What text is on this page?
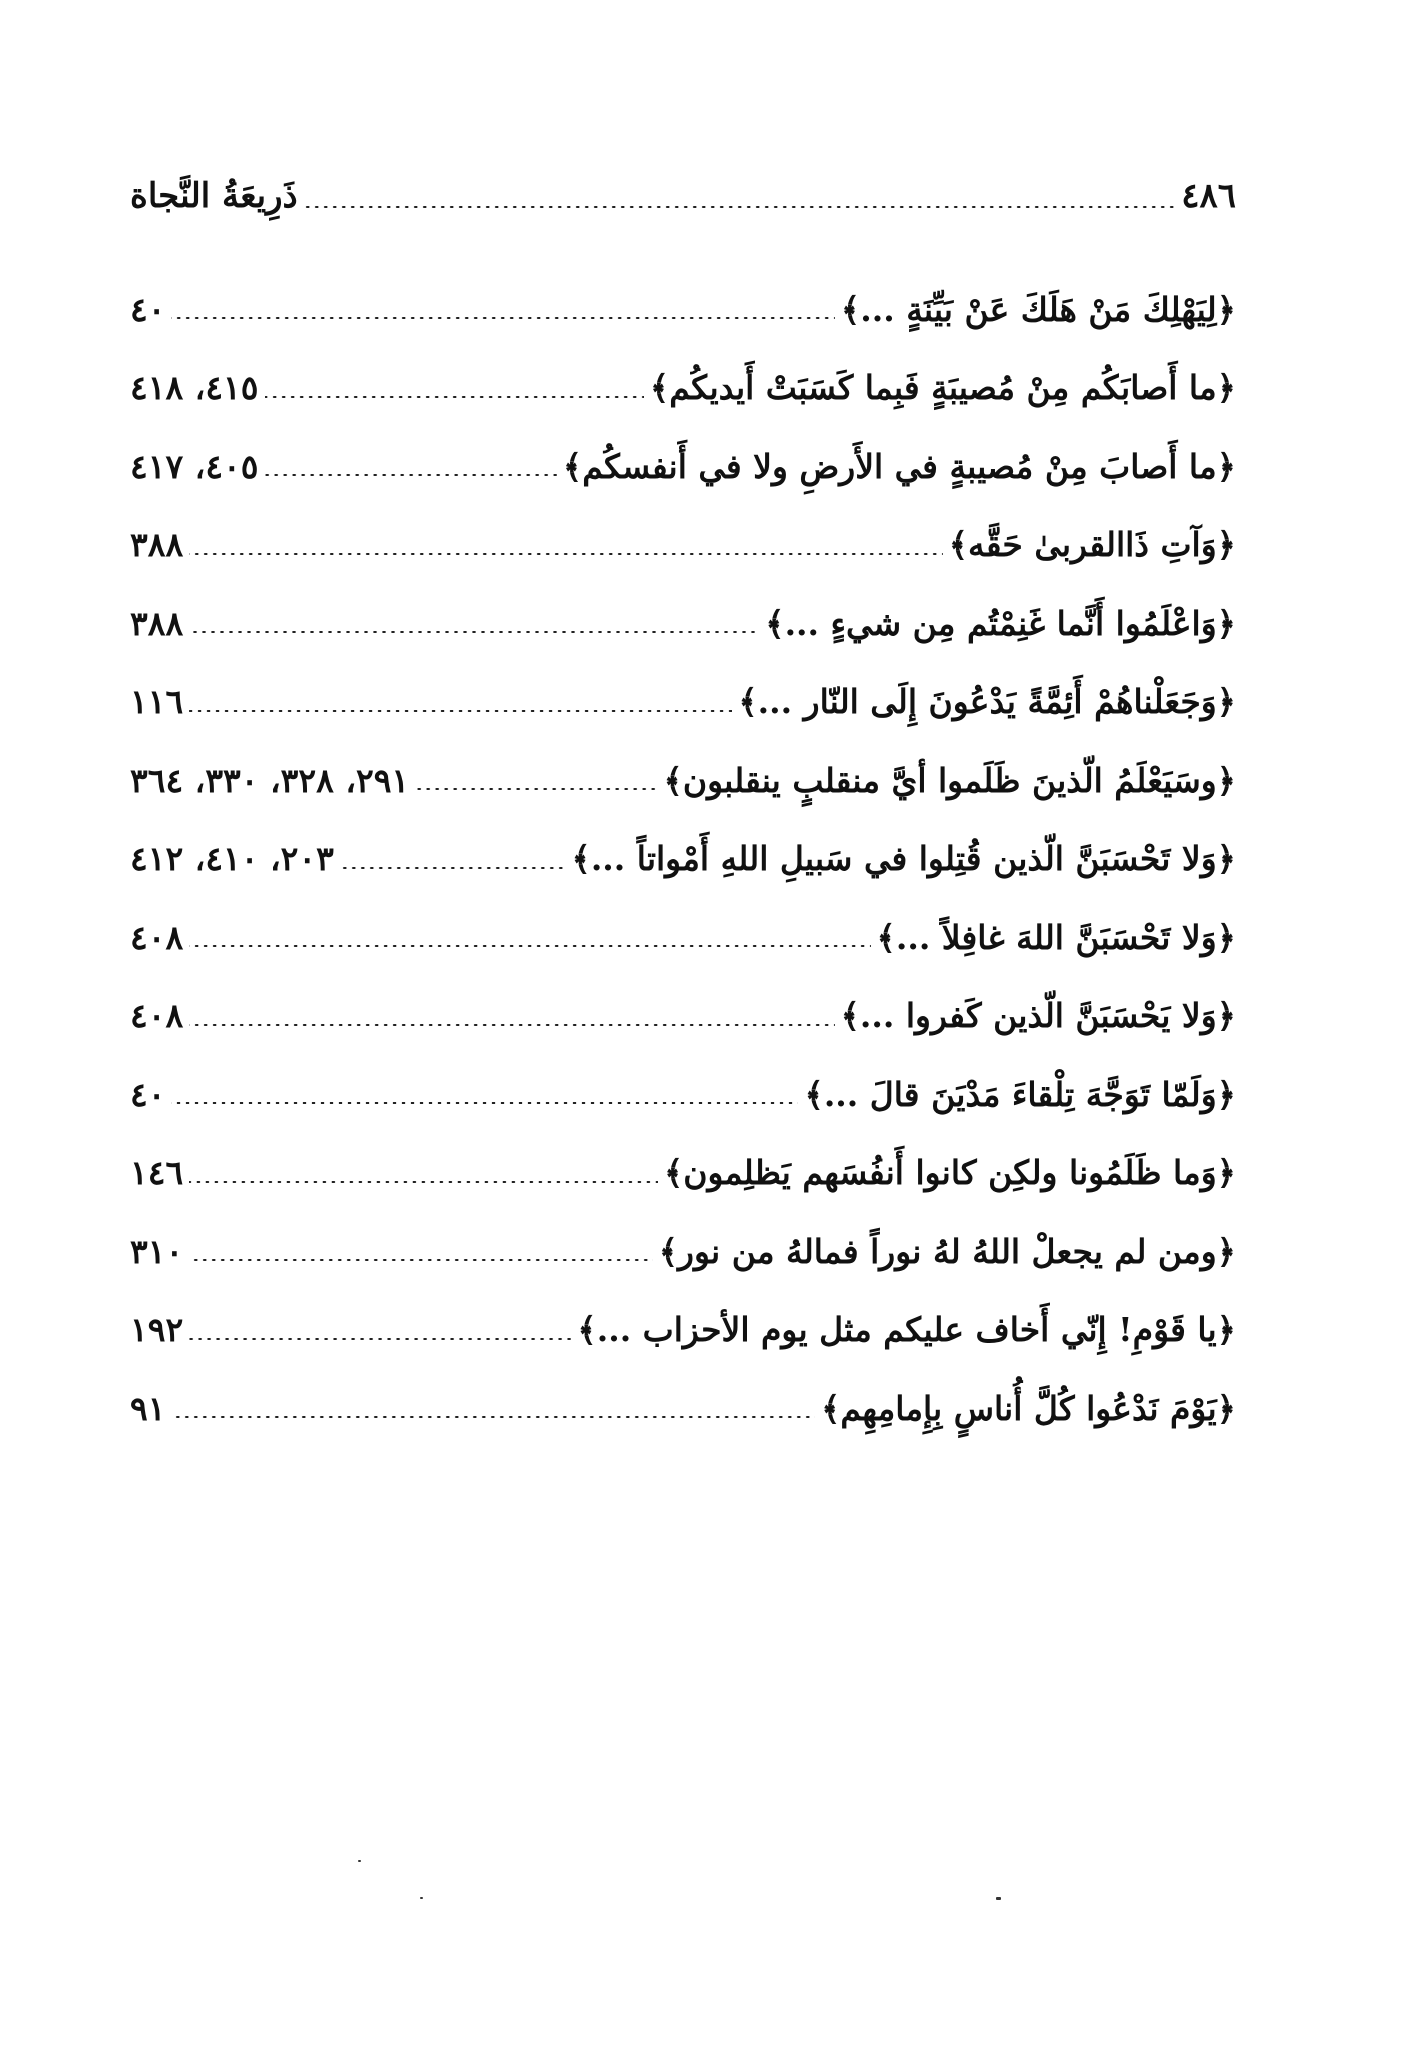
٤٨٦
ذَرِيعَةُ النَّجاة
﴿لِيَهْلِكَ مَنْ هَلَكَ عَنْ بَيِّنَةٍ ...﴾
٤٠
﴿ما أَصابَكُم مِنْ مُصيبَةٍ فَبِما كَسَبَتْ أَيديكُم﴾
٤١٥، ٤١٨
﴿ما أَصابَ مِنْ مُصيبةٍ في الأَرضِ ولا في أَنفسكُم﴾
٤٠٥، ٤١٧
﴿وَآتِ ذَاالقربىٰ حَقَّه﴾
٣٨٨
﴿وَاعْلَمُوا أَنَّما غَنِمْتُم مِن شيءٍ ...﴾
٣٨٨
﴿وَجَعَلْناهُمْ أَئِمَّةً يَدْعُونَ إِلَى النّار ...﴾
١١٦
﴿وسَيَعْلَمُ الّذينَ ظَلَموا أيَّ منقلبٍ ينقلبون﴾
٢٩١، ٣٢٨، ٣٣٠، ٣٦٤
﴿وَلا تَحْسَبَنَّ الّذين قُتِلوا في سَبيلِ اللهِ أَمْواتاً ...﴾
٢٠٣، ٤١٠، ٤١٢
﴿وَلا تَحْسَبَنَّ اللهَ غافِلاً ...﴾
٤٠٨
﴿وَلا يَحْسَبَنَّ الّذين كَفروا ...﴾
٤٠٨
﴿وَلَمّا تَوَجَّهَ تِلْقاءَ مَدْيَنَ قالَ ...﴾
٤٠
﴿وَما ظَلَمُونا ولكِن كانوا أَنفُسَهم يَظلِمون﴾
١٤٦
﴿ومن لم يجعلْ اللهُ لهُ نوراً فمالهُ من نور﴾
٣١٠
﴿يا قَوْمِ! إِنّي أَخاف عليكم مثل يوم الأحزاب ...﴾
١٩٢
﴿يَوْمَ نَدْعُوا كُلَّ أُناسٍ بِإِمامِهِم﴾
٩١
